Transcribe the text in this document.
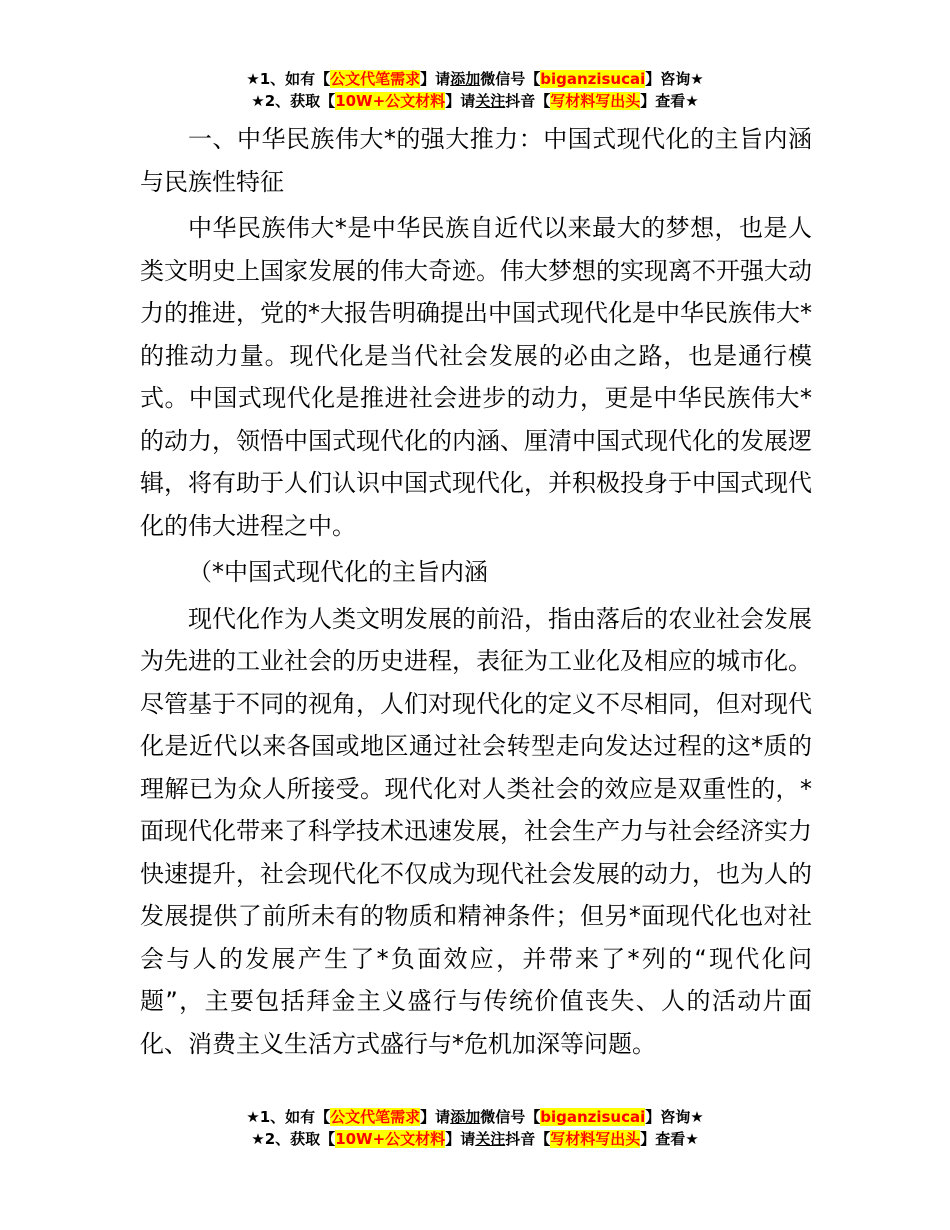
★1、如有【公文代笔需求】请添加微信号【biganzisucai】咨询★
★2、获取【10W+公文材料】请关注抖音【写材料写出头】查看★

一、中华民族伟大*的强大推力：中国式现代化的主旨内涵与民族性特征

中华民族伟大*是中华民族自近代以来最大的梦想，也是人类文明史上国家发展的伟大奇迹。伟大梦想的实现离不开强大动力的推进，党的*大报告明确提出中国式现代化是中华民族伟大*的推动力量。现代化是当代社会发展的必由之路，也是通行模式。中国式现代化是推进社会进步的动力，更是中华民族伟大*的动力，领悟中国式现代化的内涵、厘清中国式现代化的发展逻辑，将有助于人们认识中国式现代化，并积极投身于中国式现代化的伟大进程之中。

（*中国式现代化的主旨内涵

现代化作为人类文明发展的前沿，指由落后的农业社会发展为先进的工业社会的历史进程，表征为工业化及相应的城市化。尽管基于不同的视角，人们对现代化的定义不尽相同，但对现代化是近代以来各国或地区通过社会转型走向发达过程的这*质的理解已为众人所接受。现代化对人类社会的效应是双重性的，*面现代化带来了科学技术迅速发展，社会生产力与社会经济实力快速提升，社会现代化不仅成为现代社会发展的动力，也为人的发展提供了前所未有的物质和精神条件；但另*面现代化也对社会与人的发展产生了*负面效应，并带来了*列的“现代化问题”，主要包括拜金主义盛行与传统价值丧失、人的活动片面化、消费主义生活方式盛行与*危机加深等问题。

★1、如有【公文代笔需求】请添加微信号【biganzisucai】咨询★
★2、获取【10W+公文材料】请关注抖音【写材料写出头】查看★
